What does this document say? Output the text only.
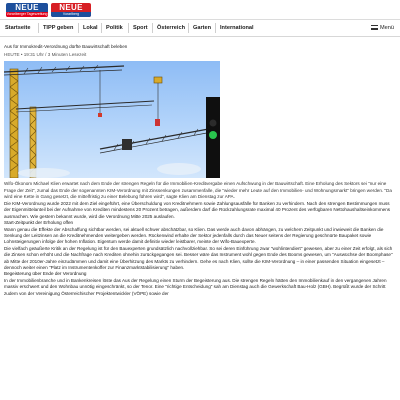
NEUE
Vorarlberger Tageszeitung
NEUE
Vorarlberg
Startseite TIPP geben Lokal Politik Sport Österreich Garten International	Menü
Aus für Immokredit-Verordnung dürfte Bauwirtschaft beleben
HEUTE • 19:31 Uhr / 3 Minuten Lesezeit
Wifo-Ökonom Michael Klien erwartet nach dem Ende der strengen Regeln für die Immobilien-Kreditvergabe einen Aufschwung in der Bauwirtschaft. Eine Erholung des Sektors sei "nur eine Frage der Zeit", zumal das Ende der sogenannten KIM-Verordnung mit Zinssenkungen zusammenfalle, die "wieder mehr Leute auf den Immobilien- und Wohnungsmarkt" bringen werden. "Da wird eine Kette in Gang gesetzt, die mittelfristig zu einer Belebung führen wird", sagte Klien am Dienstag zur APA.

Die KIM-Verordnung wurde 2022 mit dem Ziel eingeführt, eine Überschuldung von Kreditnehmern sowie Zahlungsausfälle für Banken zu verhindern. Nach den strengen Bestimmungen muss der Eigenmittelanteil bei der Aufnahme von Krediten mindestens 20 Prozent betragen, außerdem darf die Rückzahlungsrate maximal 40 Prozent des verfügbaren Nettohaushaltseinkommens ausmachen. Wie gestern bekannt wurde, wird die Verordnung Mitte 2025 auslaufen.

Start-Zeitpunkt der Erholung offen

Wann genau die Effekte der Abschaffung sichtbar werden, sei aktuell schwer abschätzbar, so Klien. Das werde auch davon abhängen, zu welchem Zeitpunkt und inwieweit die Banken die Senkung der Leitzinsen an die Kreditnehmenden weitergeben werden. Rückenwind erhalte der Sektor jedenfalls durch das Neuer seitens der Regierung geschnürte Baupaket sowie Lohnsteigerungen infolge der hohen Inflation. Eigentum werde damit definitiv wieder leistbarer, meinte der Wifo-Bauexperte.

Die vielfach geäußerte Kritik an der Regelung ist für den Bauexperten grundsätzlich nachvollziehbar. So sei deren Einführung zwar "wohlintendiert" gewesen, aber zu einer Zeit erfolgt, als sich die Zinsen schon erhöht und die Nachfrage nach Krediten ohnehin zurückgegangen sei. Besser wäre das Instrument wohl gegen Ende des Booms gewesen, um "Auswüchse der Boomphase" ab Mitte der 2010er-Jahre einzudämmen und damit eine Überhitzung des Markts zu verhindern. Gehe es nach Klien, sollte die KIM-Verordnung – in einer passenden Situation eingesetzt – dennoch weiter einen "Platz im Instrumentenkoffer zur Finanzmarktstabilisierung" haben.

Begeisterung über Ende der Verordnung

In der Immobilienbranche und in Bankenkreisen löste das Aus der Regelung einen Sturm der Begeisterung aus. Die strengen Regeln hätten den Immobilienkauf in den vergangenen Jahren massiv erschwert und den Wohnbau unnötig eingeschränkt, so der Tenor. Eine "richtige Entscheidung" sah am Dienstag auch die Gewerkschaft Bau-Holz (GBH). Begrüßt wurde der Schritt zudem von der Vereinigung Österreichischer Projektentwickler (VÖPE) sowie der
